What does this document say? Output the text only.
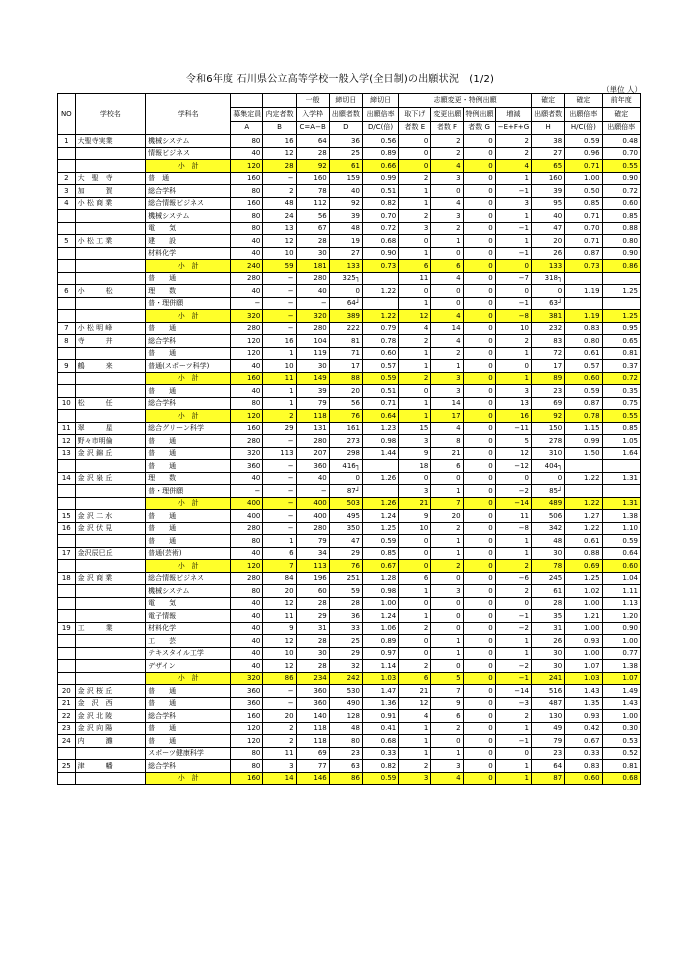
令和6年度 石川県公立高等学校一般入学(全日制)の出願状況　(1/2)
（単位 人）
NO	学校名	学科名			一般	締切日	締切日	志願変更・特例出願				確定	確定	前年度
			募集定員	内定者数	入学枠	出願者数	出願倍率	取下げ	変更出願	特例出願	増減	出願者数	出願倍率	確定
			A	B	C=A−B	D	D/C(倍)	者数 E	者数 F	者数 G	−E+F+G	H	H/C(倍)	出願倍率
1	大聖寺実業	機械システム	80	16	64	36	0.56	0	2	0	2	38	0.59	0.48
		情報ビジネス	40	12	28	25	0.89	0	2	0	2	27	0.96	0.70
		小　計	120	28	92	61	0.66	0	4	0	4	65	0.71	0.55
2	大　聖　寺	普　通	160	−	160	159	0.99	2	3	0	1	160	1.00	0.90
3	加　　　賀	総合学科	80	2	78	40	0.51	1	0	0	−1	39	0.50	0.72
4	小 松 商 業	総合情報ビジネス	160	48	112	92	0.82	1	4	0	3	95	0.85	0.60
		機械システム	80	24	56	39	0.70	2	3	0	1	40	0.71	0.85
		電　　気	80	13	67	48	0.72	3	2	0	−1	47	0.70	0.88
5	小 松 工 業	建　　設	40	12	28	19	0.68	0	1	0	1	20	0.71	0.80
		材料化学	40	10	30	27	0.90	1	0	0	−1	26	0.87	0.90
		小　計	240	59	181	133	0.73	6	6	0	0	133	0.73	0.86
		普　　通	280	−	280	325┐		11	4	0	−7	318┐		
6	小　　　松	理　　数	40	−	40	0	1.22	0	0	0	0	0	1.19	1.25
		普・理併願	−	−	−	64┘		1	0	0	−1	63┘		
		小　計	320	−	320	389	1.22	12	4	0	−8	381	1.19	1.25
7	小 松 明 峰	普　　通	280	−	280	222	0.79	4	14	0	10	232	0.83	0.95
8	寺　　　井	総合学科	120	16	104	81	0.78	2	4	0	2	83	0.80	0.65
		普　　通	120	1	119	71	0.60	1	2	0	1	72	0.61	0.81
9	鶴　　　来	普通(スポーツ科学)	40	10	30	17	0.57	1	1	0	0	17	0.57	0.37
		小　計	160	11	149	88	0.59	2	3	0	1	89	0.60	0.72
		普　　通	40	1	39	20	0.51	0	3	0	3	23	0.59	0.35
10	松　　　任	総合学科	80	1	79	56	0.71	1	14	0	13	69	0.87	0.75
		小　計	120	2	118	76	0.64	1	17	0	16	92	0.78	0.55
11	翠　　　星	総合グリーン科学	160	29	131	161	1.23	15	4	0	−11	150	1.15	0.85
12	野々市明倫	普　　通	280	−	280	273	0.98	3	8	0	5	278	0.99	1.05
13	金 沢 錦 丘	普　　通	320	113	207	298	1.44	9	21	0	12	310	1.50	1.64
		普　　通	360	−	360	416┐		18	6	0	−12	404┐		
14	金 沢 泉 丘	理　　数	40	−	40	0	1.26	0	0	0	0	0	1.22	1.31
		普・理併願	−	−	−	87┘		3	1	0	−2	85┘		
		小　計	400	−	400	503	1.26	21	7	0	−14	489	1.22	1.31
15	金 沢 二 水	普　　通	400	−	400	495	1.24	9	20	0	11	506	1.27	1.38
16	金 沢 伏 見	普　　通	280	−	280	350	1.25	10	2	0	−8	342	1.22	1.10
		普　　通	80	1	79	47	0.59	0	1	0	1	48	0.61	0.59
17	金沢辰巳丘	普通(芸術)	40	6	34	29	0.85	0	1	0	1	30	0.88	0.64
		小　計	120	7	113	76	0.67	0	2	0	2	78	0.69	0.60
18	金 沢 商 業	総合情報ビジネス	280	84	196	251	1.28	6	0	0	−6	245	1.25	1.04
		機械システム	80	20	60	59	0.98	1	3	0	2	61	1.02	1.11
		電　　気	40	12	28	28	1.00	0	0	0	0	28	1.00	1.13
		電子情報	40	11	29	36	1.24	1	0	0	−1	35	1.21	1.20
19	工　　　業	材料化学	40	9	31	33	1.06	2	0	0	−2	31	1.00	0.90
		工　　芸	40	12	28	25	0.89	0	1	0	1	26	0.93	1.00
		テキスタイル工学	40	10	30	29	0.97	0	1	0	1	30	1.00	0.77
		デザイン	40	12	28	32	1.14	2	0	0	−2	30	1.07	1.38
		小　計	320	86	234	242	1.03	6	5	0	−1	241	1.03	1.07
20	金 沢 桜 丘	普　　通	360	−	360	530	1.47	21	7	0	−14	516	1.43	1.49
21	金　沢　西	普　　通	360	−	360	490	1.36	12	9	0	−3	487	1.35	1.43
22	金 沢 北 陵	総合学科	160	20	140	128	0.91	4	6	0	2	130	0.93	1.00
23	金 沢 向 陽	普　　通	120	2	118	48	0.41	1	2	0	1	49	0.42	0.30
24	内　　　灘	普　　通	120	2	118	80	0.68	1	0	0	−1	79	0.67	0.53
		スポーツ健康科学	80	11	69	23	0.33	1	1	0	0	23	0.33	0.52
25	津　　　幡	総合学科	80	3	77	63	0.82	2	3	0	1	64	0.83	0.81
		小　計	160	14	146	86	0.59	3	4	0	1	87	0.60	0.68
